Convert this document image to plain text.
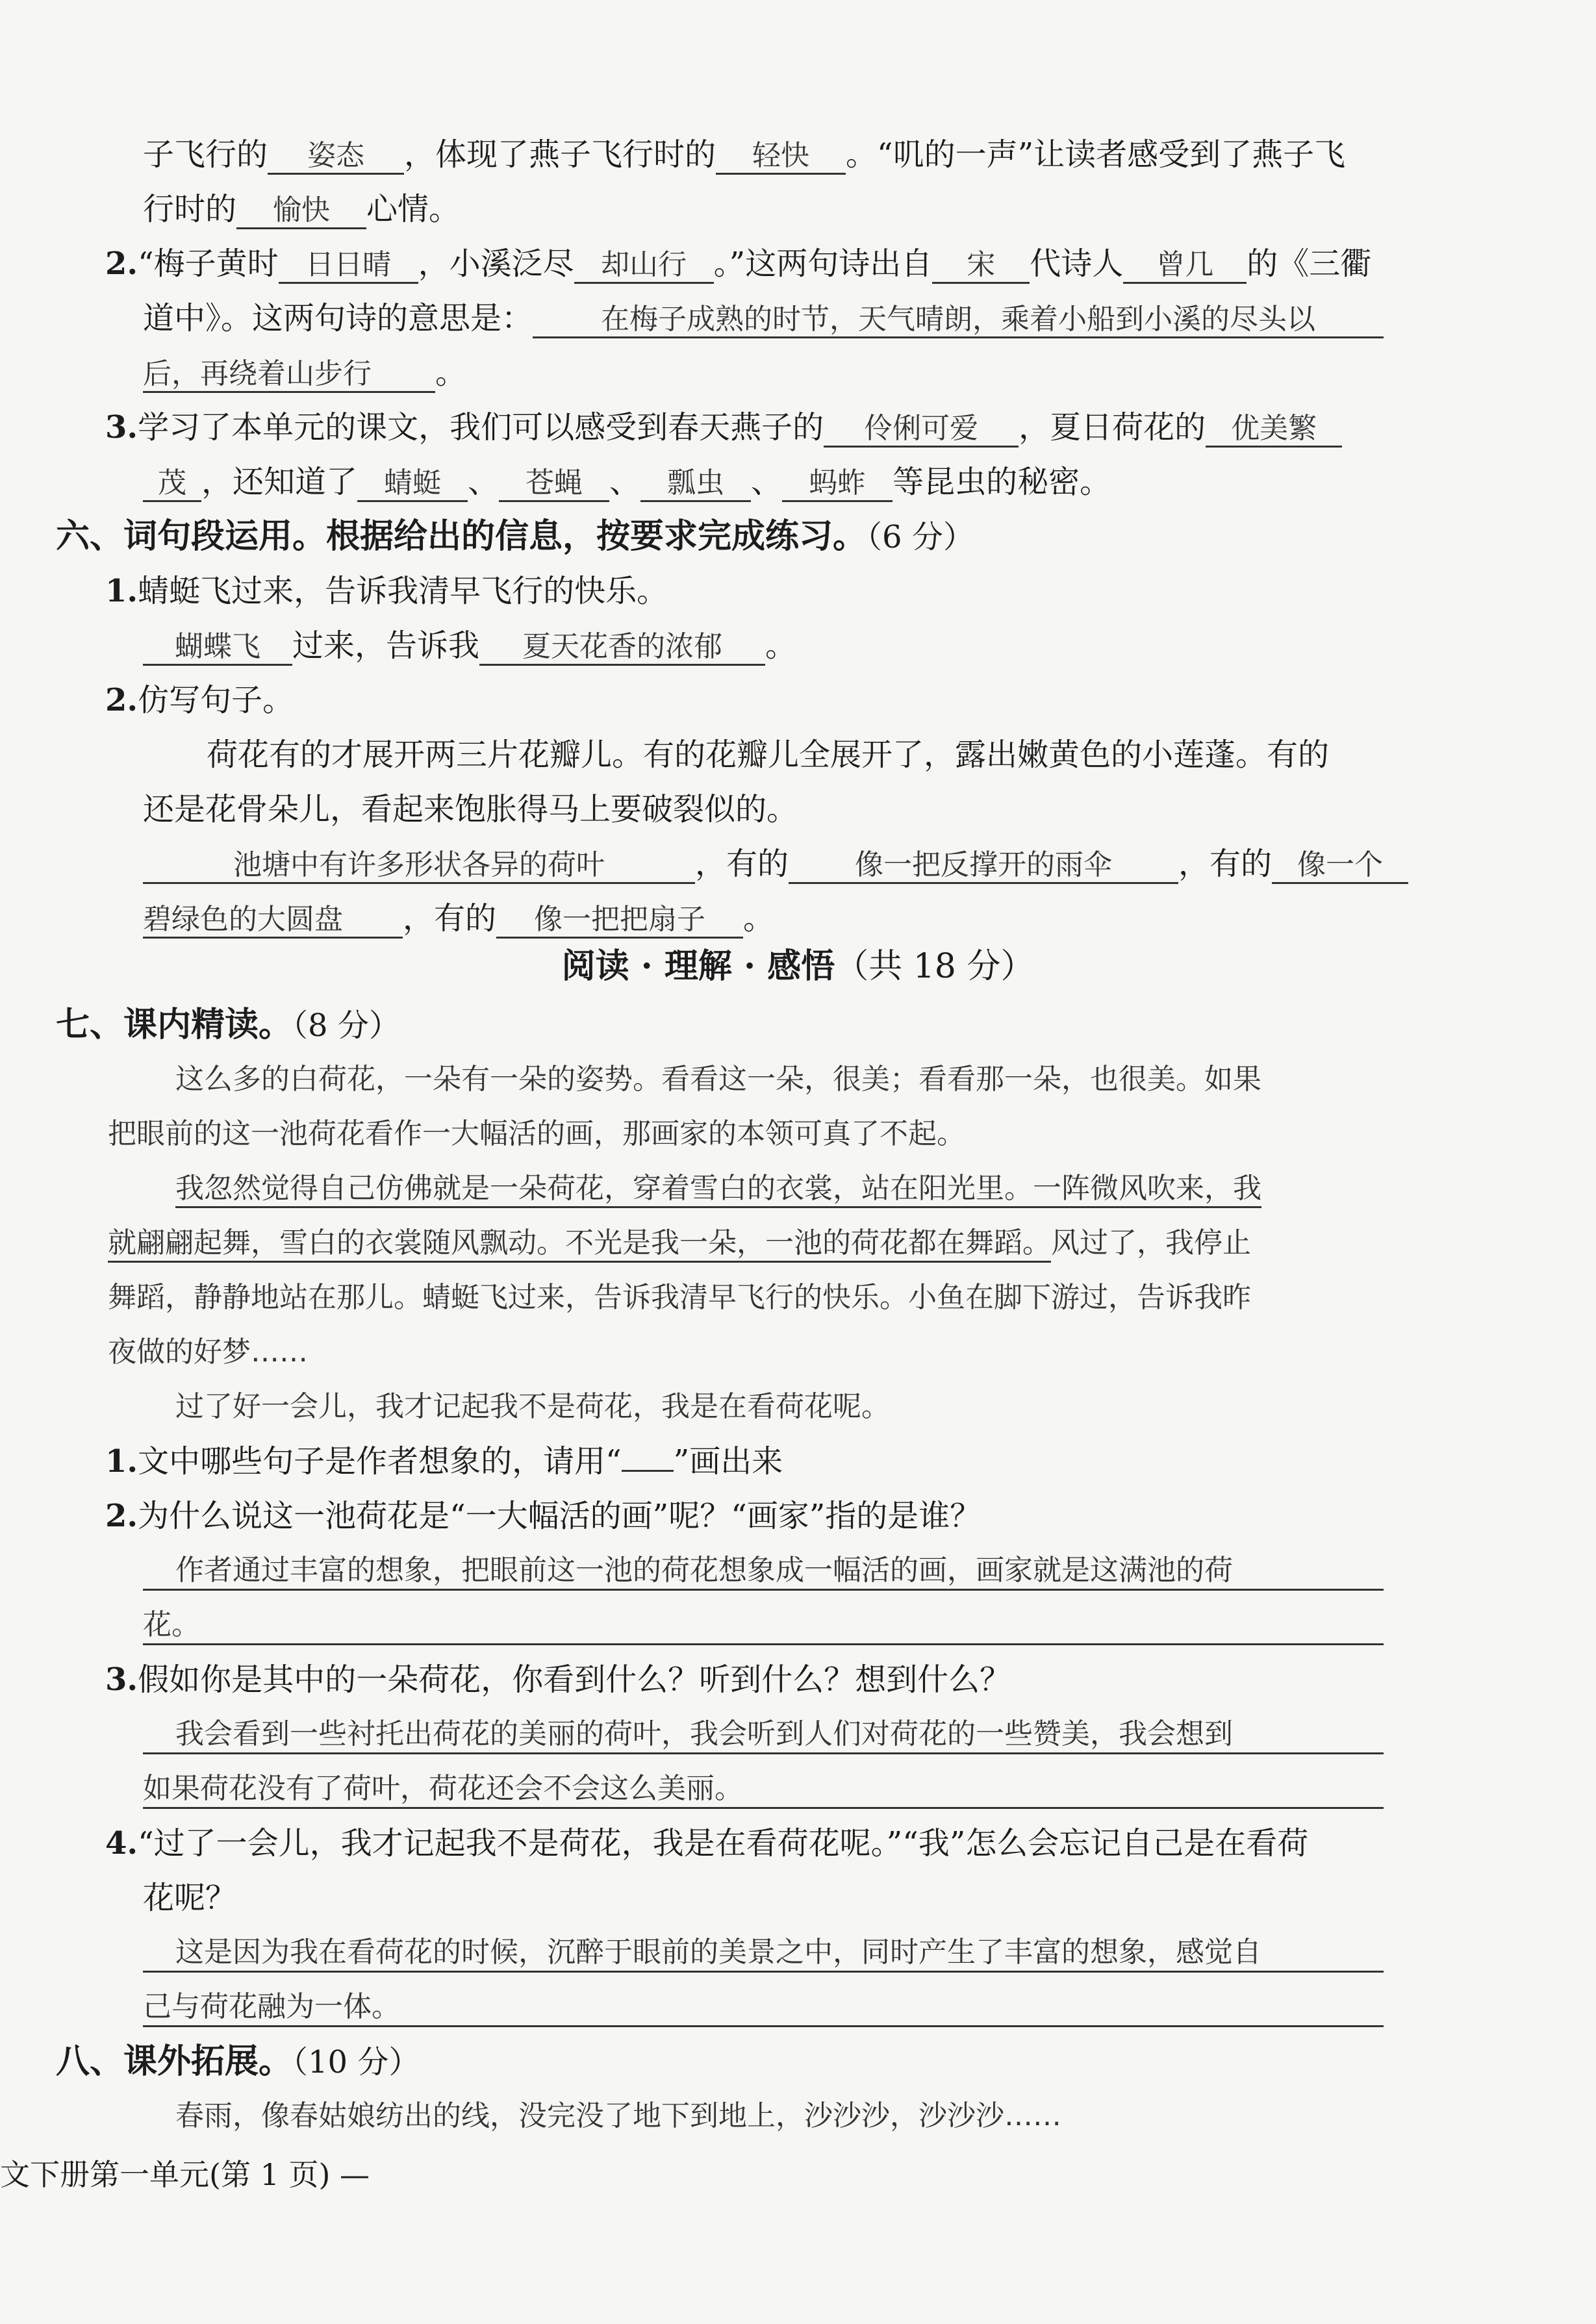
子飞行的 姿态 ，体现了燕子飞行时的 轻快 。“叽的一声”让读者感受到了燕子飞
行时的 愉快 心情。
2.“梅子黄时 日日晴 ，小溪泛尽 却山行 。”这两句诗出自 宋 代诗人 曾几 的《三衢
道中》。这两句诗的意思是： 在梅子成熟的时节，天气晴朗，乘着小船到小溪的尽头以
后，再绕着山步行 。
3.学习了本单元的课文，我们可以感受到春天燕子的 伶俐可爱 ，夏日荷花的 优美繁
茂 ，还知道了 蜻蜓 、 苍蝇 、 瓢虫 、 蚂蚱 等昆虫的秘密。
六、词句段运用。根据给出的信息，按要求完成练习。（6 分）
1.蜻蜓飞过来，告诉我清早飞行的快乐。
蝴蝶飞 过来，告诉我 夏天花香的浓郁 。
2.仿写句子。
荷花有的才展开两三片花瓣儿。有的花瓣儿全展开了，露出嫩黄色的小莲蓬。有的
还是花骨朵儿，看起来饱胀得马上要破裂似的。
池塘中有许多形状各异的荷叶	，有的 像一把反撑开的雨伞 ，有的 像一个
碧绿色的大圆盘 ，有的 像一把把扇子 。
阅读 · 理解 · 感悟（共 18 分）
七、课内精读。（8 分）
这么多的白荷花，一朵有一朵的姿势。看看这一朵，很美；看看那一朵，也很美。如果
把眼前的这一池荷花看作一大幅活的画，那画家的本领可真了不起。
我忽然觉得自己仿佛就是一朵荷花，穿着雪白的衣裳，站在阳光里。一阵微风吹来，我
就翩翩起舞，雪白的衣裳随风飘动。不光是我一朵，一池的荷花都在舞蹈。风过了，我停止
舞蹈，静静地站在那儿。蜻蜓飞过来，告诉我清早飞行的快乐。小鱼在脚下游过，告诉我昨
夜做的好梦……
过了好一会儿，我才记起我不是荷花，我是在看荷花呢。
1.文中哪些句子是作者想象的，请用“ ”画出来
2.为什么说这一池荷花是“一大幅活的画”呢？“画家”指的是谁？
作者通过丰富的想象，把眼前这一池的荷花想象成一幅活的画，画家就是这满池的荷
花。
3.假如你是其中的一朵荷花，你看到什么？听到什么？想到什么？
我会看到一些衬托出荷花的美丽的荷叶，我会听到人们对荷花的一些赞美，我会想到
如果荷花没有了荷叶，荷花还会不会这么美丽。
4.“过了一会儿，我才记起我不是荷花，我是在看荷花呢。”“我”怎么会忘记自己是在看荷
花呢？
这是因为我在看荷花的时候，沉醉于眼前的美景之中，同时产生了丰富的想象，感觉自
己与荷花融为一体。
八、课外拓展。（10 分）
春雨，像春姑娘纺出的线，没完没了地下到地上，沙沙沙，沙沙沙……
文下册第一单元(第 1 页) —
